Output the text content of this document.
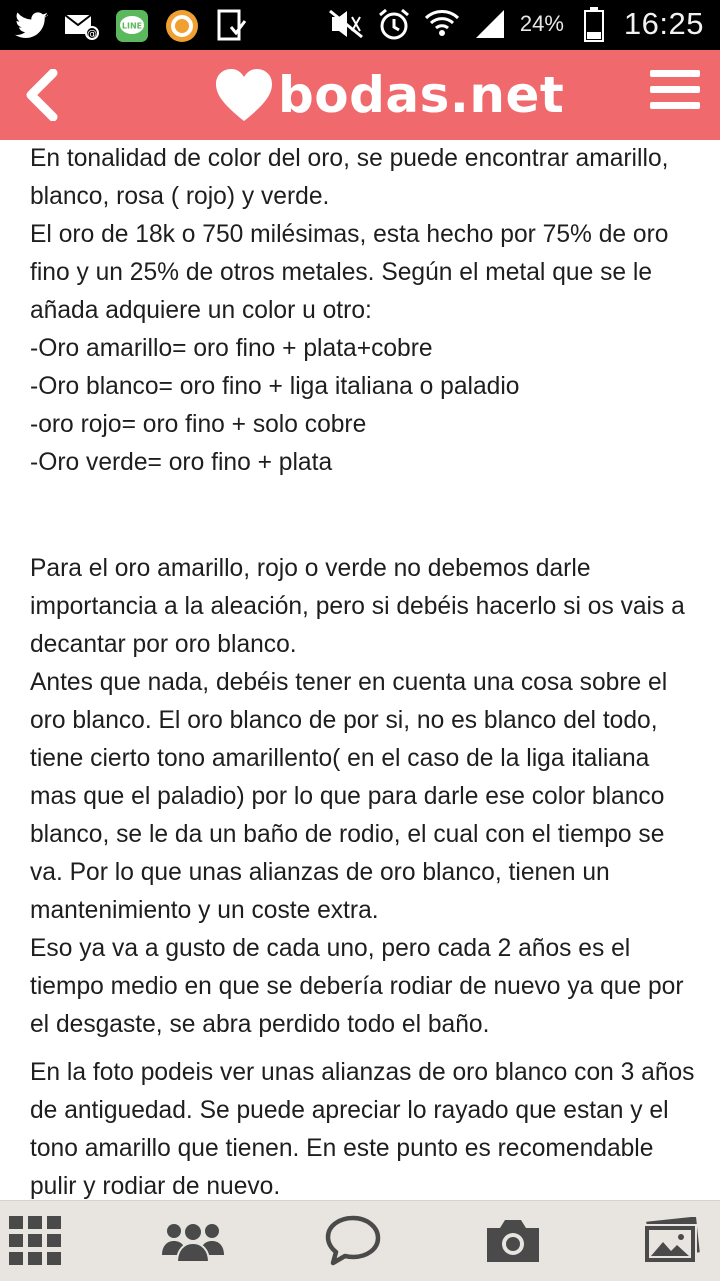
@
LINE	24% 16:25
bodas.net
En tonalidad de color del oro, se puede encontrar amarillo, blanco, rosa ( rojo) y verde.
El oro de 18k o 750 milésimas, esta hecho por 75% de oro fino y un 25% de otros metales. Según el metal que se le añada adquiere un color u otro:
-Oro amarillo= oro fino + plata+cobre
-Oro blanco= oro fino + liga italiana o paladio
-oro rojo= oro fino + solo cobre
-Oro verde= oro fino + plata
Para el oro amarillo, rojo o verde no debemos darle importancia a la aleación, pero si debéis hacerlo si os vais a decantar por oro blanco.
Antes que nada, debéis tener en cuenta una cosa sobre el oro blanco. El oro blanco de por si, no es blanco del todo, tiene cierto tono amarillento( en el caso de la liga italiana mas que el paladio) por lo que para darle ese color blanco blanco, se le da un baño de rodio, el cual con el tiempo se va. Por lo que unas alianzas de oro blanco, tienen un mantenimiento y un coste extra.
Eso ya va a gusto de cada uno, pero cada 2 años es el tiempo medio en que se debería rodiar de nuevo ya que por el desgaste, se abra perdido todo el baño.
En la foto podeis ver unas alianzas de oro blanco con 3 años de antiguedad. Se puede apreciar lo rayado que estan y el tono amarillo que tienen. En este punto es recomendable pulir y rodiar de nuevo.
